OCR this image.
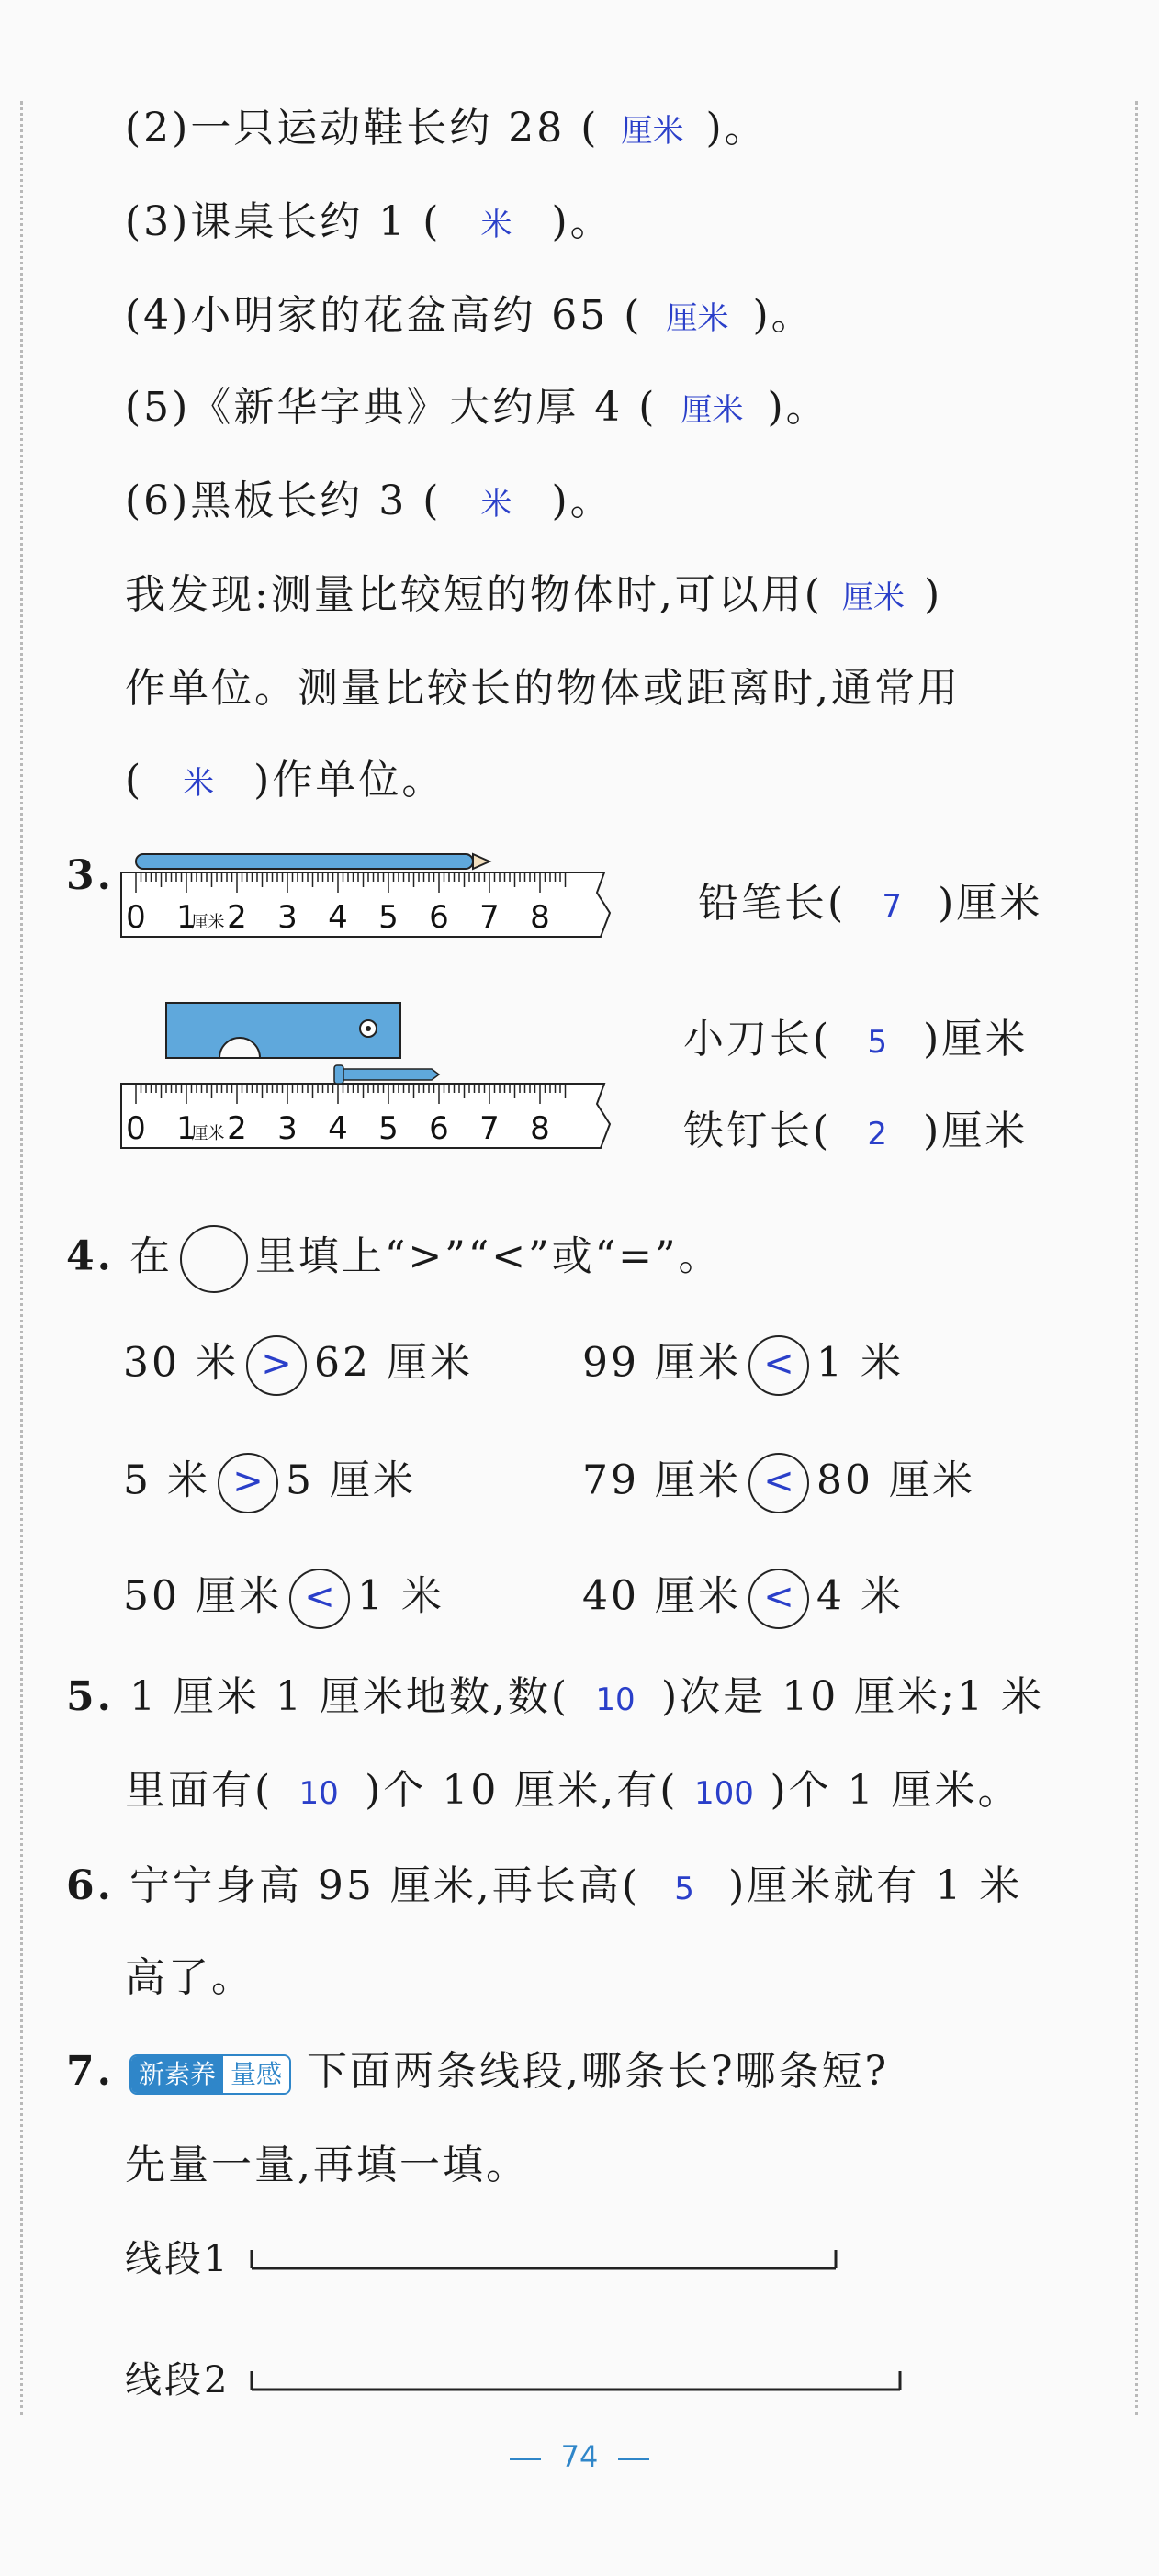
(2)一只运动鞋长约 28 ( 厘米 )。
(3)课桌长约 1 ( 米 )。
(4)小明家的花盆高约 65 ( 厘米 )。
(5)《新华字典》大约厚 4 ( 厘米 )。
(6)黑板长约 3 ( 米 )。
我发现:测量比较短的物体时,可以用( 厘米 )
作单位。测量比较长的物体或距离时,通常用
( 米 )作单位。
3.
0 1 2 3 4 5 6 7 8
厘米
0 1 2 3 4 5 6 7 8
厘米
铅笔长( 7 )厘米
小刀长( 5 )厘米
铁钉长( 2 )厘米
4. 在 里填上“>”“<”或“=”。
30 米 > 62 厘米	99 厘米 < 1 米
5 米 > 5 厘米	79 厘米 < 80 厘米
50 厘米 < 1 米	40 厘米 < 4 米
5. 1 厘米 1 厘米地数,数( 10 )次是 10 厘米;1 米
里面有( 10 )个 10 厘米,有( 100 )个 1 厘米。
6. 宁宁身高 95 厘米,再长高( 5 )厘米就有 1 米
高了。
7. 新素养 量感 下面两条线段,哪条长?哪条短?
先量一量,再填一填。
线段1
线段2
74
